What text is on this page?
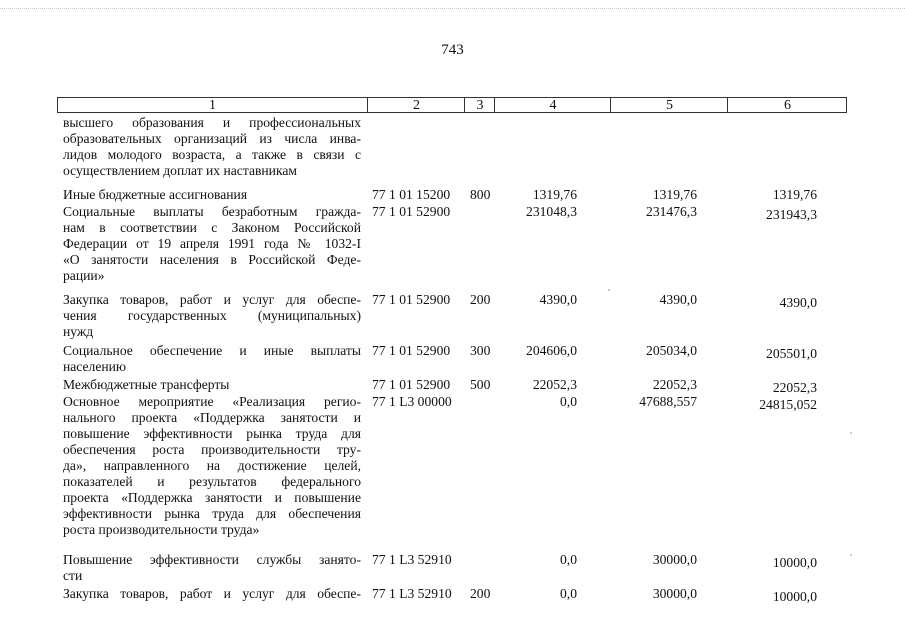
743
1	2	3	4	5	6
высшего образования и профессиональных
образовательных организаций из числа инва-
лидов молодого возраста, а также в связи с
осуществлением доплат их наставникам
Иные бюджетные ассигнования	77 1 01 15200 800	1319,76	1319,76	1319,76
Социальные выплаты безработным гражда-
нам в соответствии с Законом Российской
Федерации от 19 апреля 1991 года № 1032-I
«О занятости населения в Российской Феде-
рации»
77 1 01 52900	231048,3	231476,3	231943,3
Закупка товаров, работ и услуг для обеспе-
чения государственных (муниципальных)
нужд
77 1 01 52900 200	4390,0	4390,0	4390,0
Социальное обеспечение и иные выплаты
населению
77 1 01 52900 300	204606,0	205034,0	205501,0
Межбюджетные трансферты	77 1 01 52900 500	22052,3	22052,3	22052,3
Основное мероприятие «Реализация регио-
нального проекта «Поддержка занятости и
повышение эффективности рынка труда для
обеспечения роста производительности тру-
да», направленного на достижение целей,
показателей и результатов федерального
проекта «Поддержка занятости и повышение
эффективности рынка труда для обеспечения
роста производительности труда»
77 1 L3 00000	0,0	47688,557	24815,052
Повышение эффективности службы занято-
сти
77 1 L3 52910	0,0	30000,0	10000,0
Закупка товаров, работ и услуг для обеспе- 77 1 L3 52910 200	0,0	30000,0	10000,0
